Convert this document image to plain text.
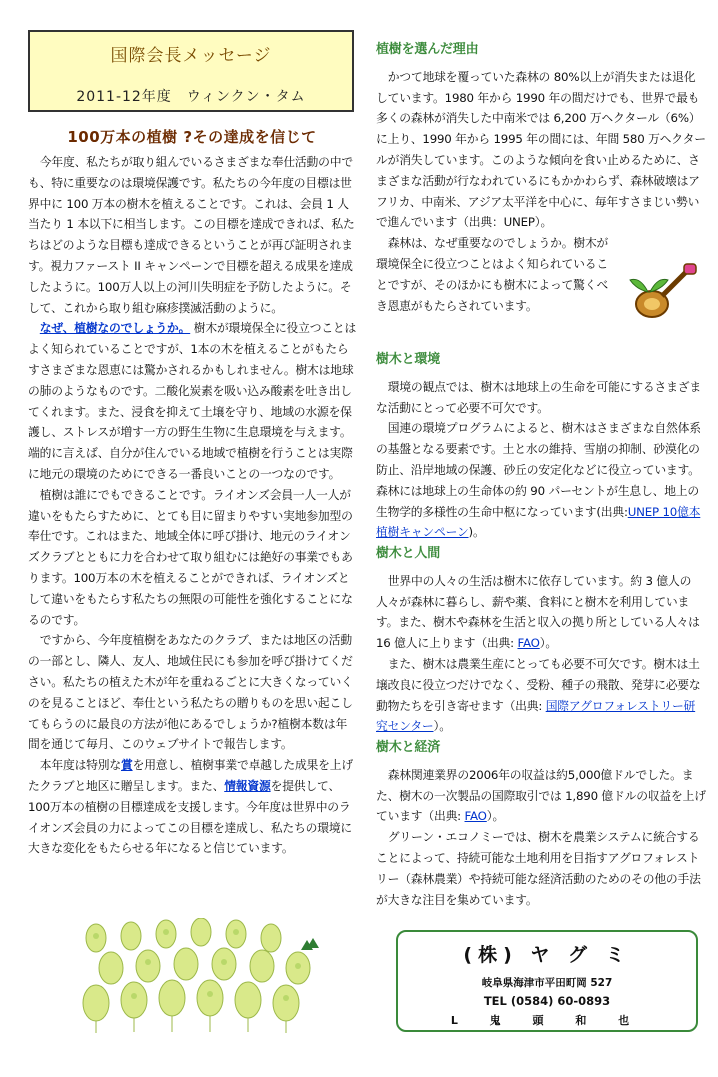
国際会長メッセージ
2011-12年度　ウィンクン・タム
100万本の植樹 ?その達成を信じて

今年度、私たちが取り組んでいるさまざまな奉仕活動の中でも、特に重要なのは環境保護です。私たちの今年度の目標は世界中に 100 万本の樹木を植えることです。これは、会員 1 人当たり 1 本以下に相当します。この目標を達成できれば、私たちはどのような目標も達成できるということが再び証明されます。視力ファースト II キャンペーンで目標を超える成果を達成したように。100万人以上の河川失明症を予防したように。そして、これから取り組む麻疹撲滅活動のように。

なぜ、植樹なのでしょうか。 樹木が環境保全に役立つことはよく知られていることですが、1本の木を植えることがもたらすさまざまな恩恵には驚かされるかもしれません。樹木は地球の肺のようなものです。二酸化炭素を吸い込み酸素を吐き出してくれます。また、浸食を抑えて土壌を守り、地域の水源を保護し、ストレスが増す一方の野生生物に生息環境を与えます。端的に言えば、自分が住んでいる地域で植樹を行うことは実際に地元の環境のためにできる一番良いことの一つなのです。

植樹は誰にでもできることです。ライオンズ会員一人一人が違いをもたらすために、とても目に留まりやすい実地参加型の奉仕です。これはまた、地域全体に呼び掛け、地元のライオンズクラブとともに力を合わせて取り組むには絶好の事業でもあります。100万本の木を植えることができれば、ライオンズとして違いをもたらす私たちの無限の可能性を強化することになるのです。

ですから、今年度植樹をあなたのクラブ、または地区の活動の一部とし、隣人、友人、地域住民にも参加を呼び掛けてください。私たちの植えた木が年を重ねるごとに大きくなっていくのを見ることほど、奉仕という私たちの贈りものを思い起こしてもらうのに最良の方法が他にあるでしょうか?植樹本数は年間を通じて毎月、このウェブサイトで報告します。

本年度は特別な賞を用意し、植樹事業で卓越した成果を上げたクラブと地区に贈呈します。また、情報資源を提供して、100万本の植樹の目標達成を支援します。今年度は世界中のライオンズ会員の力によってこの目標を達成し、私たちの環境に大きな変化をもたらせる年になると信じています。

植樹を選んだ理由

かつて地球を覆っていた森林の 80%以上が消失または退化しています。1980 年から 1990 年の間だけでも、世界で最も多くの森林が消失した中南米では 6,200 万ヘクタール（6%）に上り、1990 年から 1995 年の間には、年間 580 万ヘクタールが消失しています。このような傾向を食い止めるために、さまざまな活動が行なわれているにもかかわらず、森林破壊はアフリカ、中南米、アジア太平洋を中心に、毎年すさまじい勢いで進んでいます（出典：UNEP）。

森林は、なぜ重要なのでしょうか。樹木が環境保全に役立つことはよく知られていることですが、そのほかにも樹木によって驚くべき恩恵がもたらされています。

樹木と環境

環境の観点では、樹木は地球上の生命を可能にするさまざまな活動にとって必要不可欠です。

国連の環境プログラムによると、樹木はさまざまな自然体系の基盤となる要素です。土と水の維持、雪崩の抑制、砂漠化の防止、沿岸地域の保護、砂丘の安定化などに役立っています。森林には地球上の生命体の約 90 パーセントが生息し、地上の生物学的多様性の生命中枢になっています(出典:UNEP 10億本植樹キャンペーン)。

樹木と人間

世界中の人々の生活は樹木に依存しています。約 3 億人の人々が森林に暮らし、薪や薬、食料にと樹木を利用しています。また、樹木や森林を生活と収入の拠り所としている人々は 16 億人に上ります（出典: FAO）。

また、樹木は農業生産にとっても必要不可欠です。樹木は土壌改良に役立つだけでなく、受粉、種子の飛散、発芽に必要な動物たちを引き寄せます（出典: 国際アグロフォレストリー研究センター）。

樹木と経済

森林関連業界の2006年の収益は約5,000億ドルでした。また、樹木の一次製品の国際取引では 1,890 億ドルの収益を上げています（出典: FAO）。

グリーン・エコノミーでは、樹木を農業システムに統合することによって、持続可能な土地利用を目指すアグロフォレストリー（森林農業）や持続可能な経済活動のためのその他の手法が大きな注目を集めています。

(株) ヤ グ ミ
岐阜県海津市平田町岡 527
TEL (0584) 60-0893
L 鬼 頭 和 也
